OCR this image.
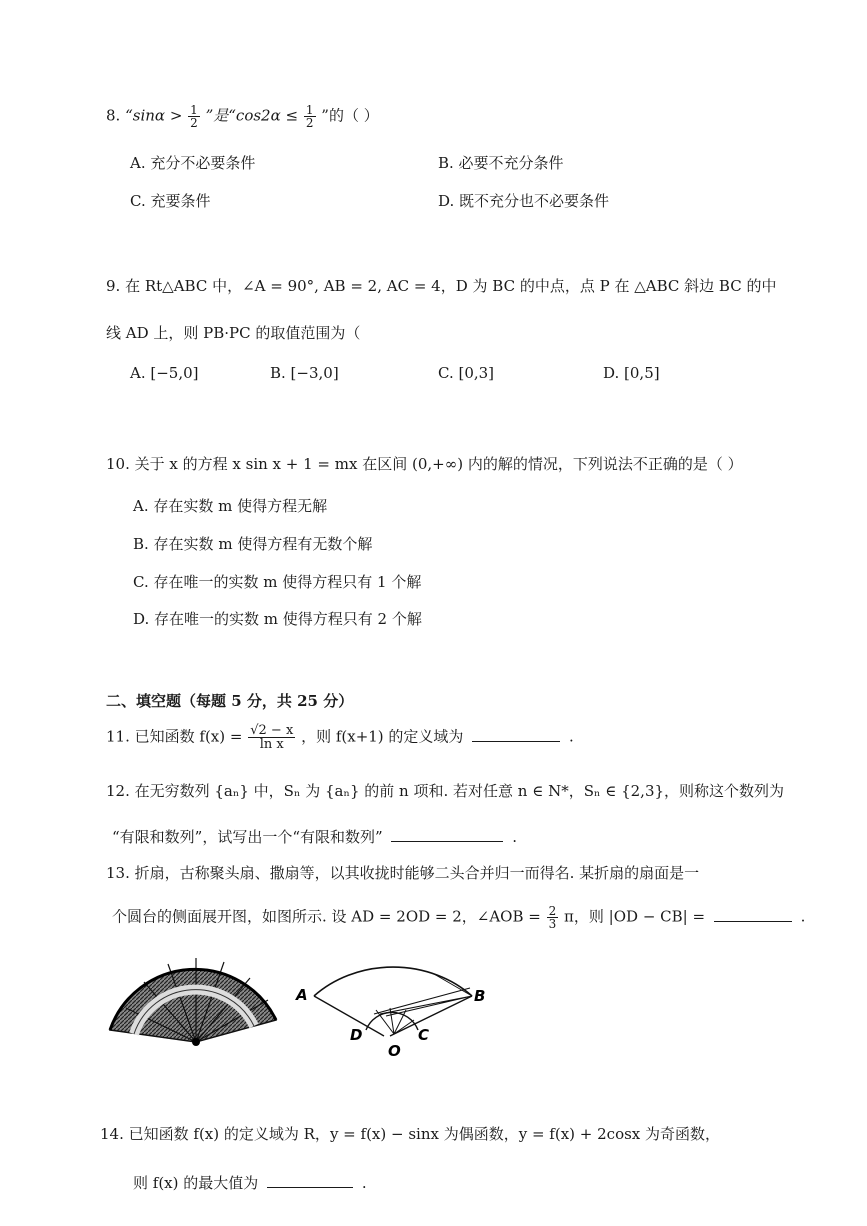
8. “$\sin\alpha > \frac{1}{2}$ ”是“$\cos 2\alpha \le \frac{1}{2}$ ”的（ ）
A. 充分不必要条件	B. 必要不充分条件
C. 充要条件	D. 既不充分也不必要条件
9. 在 Rt△ABC 中，∠A = 90°, AB = 2, AC = 4，D 为 BC 的中点，点 P 在 △ABC 斜边 BC 的中
线 AD 上，则 PB·PC 的取值范围为（
A. [−5,0]	B. [−3,0]	C. [0,3]	D. [0,5]
10. 关于 x 的方程 x sin x + 1 = mx 在区间 (0,+∞) 内的解的情况，下列说法不正确的是（ ）
A. 存在实数 m 使得方程无解
B. 存在实数 m 使得方程有无数个解
C. 存在唯一的实数 m 使得方程只有 1 个解
D. 存在唯一的实数 m 使得方程只有 2 个解
二、填空题（每题 5 分，共 25 分）
11. 已知函数 $f(x) = \frac{√2 - x}{\text{ln x}}$ ，则 f(x+1) 的定义域为	.
12. 在无穷数列 {aₙ} 中，Sₙ 为 {aₙ} 的前 n 项和. 若对任意 n ∈ N*，Sₙ ∈ {2,3}，则称这个数列为
“有限和数列”，试写出一个“有限和数列”	.
13. 折扇，古称聚头扇、撒扇等，以其收拢时能够二头合并归一而得名. 某折扇的扇面是一
个圆台的侧面展开图，如图所示. 设 AD = 2OD = 2，∠AOB = $\frac{2}{3}$ π，则 |OD − CB| =	.
A	B
C
D
O
14. 已知函数 f(x) 的定义域为 R，y = f(x) − sinx 为偶函数，y = f(x) + 2cosx 为奇函数，
则 f(x) 的最大值为	.
